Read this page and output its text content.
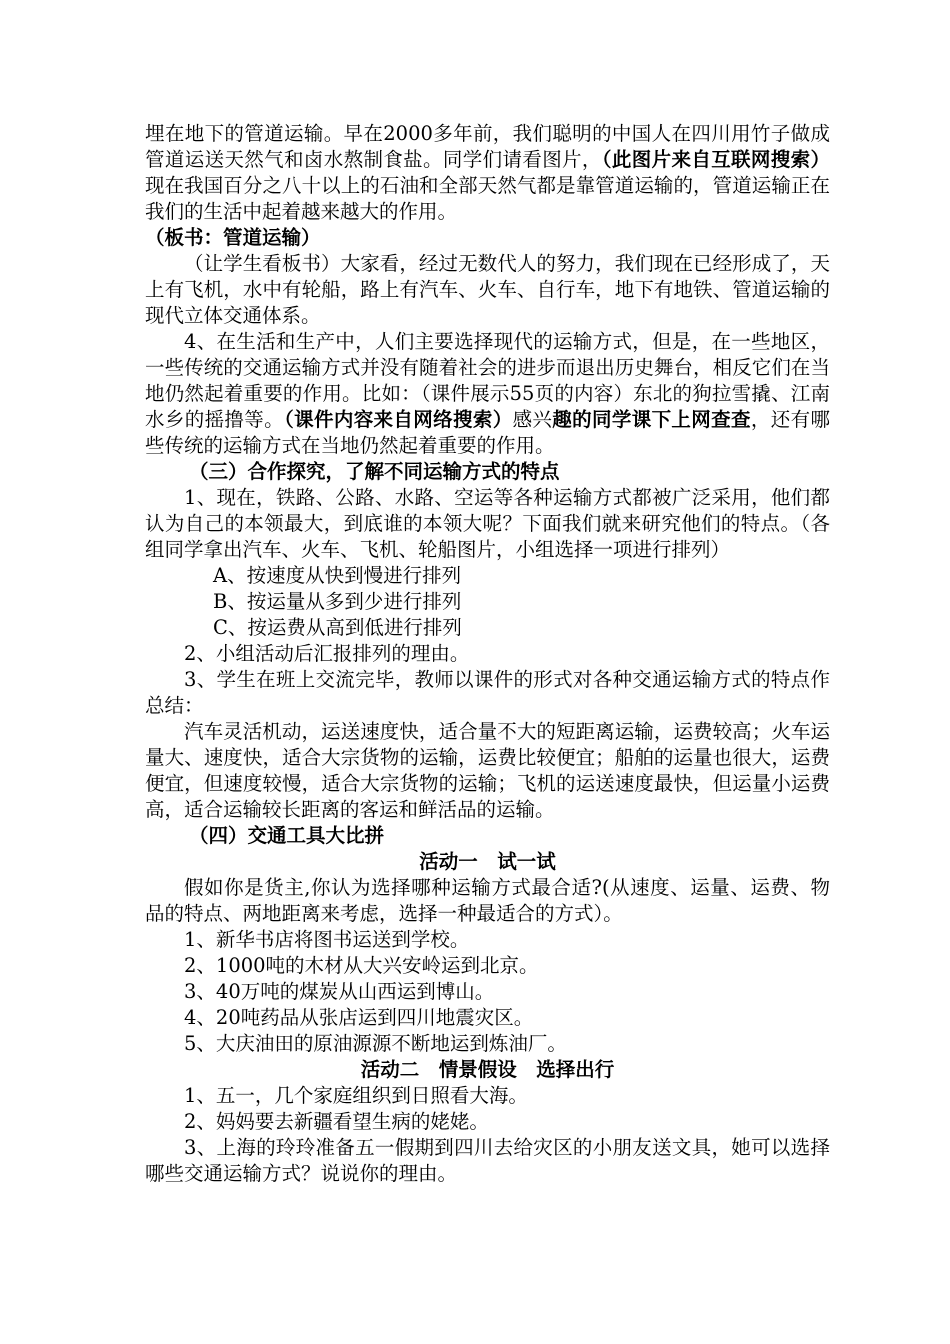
埋在地下的管道运输。早在2000多年前，我们聪明的中国人在四川用竹子做成管道运送天然气和卤水熬制食盐。同学们请看图片，（此图片来自互联网搜索）现在我国百分之八十以上的石油和全部天然气都是靠管道运输的，管道运输正在我们的生活中起着越来越大的作用。

（板书：管道运输）

（让学生看板书）大家看，经过无数代人的努力，我们现在已经形成了，天上有飞机，水中有轮船，路上有汽车、火车、自行车，地下有地铁、管道运输的现代立体交通体系。

4、在生活和生产中，人们主要选择现代的运输方式，但是，在一些地区，一些传统的交通运输方式并没有随着社会的进步而退出历史舞台，相反它们在当地仍然起着重要的作用。比如：（课件展示55页的内容）东北的狗拉雪撬、江南水乡的摇撸等。（课件内容来自网络搜索）感兴趣的同学课下上网查查，还有哪些传统的运输方式在当地仍然起着重要的作用。

（三）合作探究，了解不同运输方式的特点

1、现在，铁路、公路、水路、空运等各种运输方式都被广泛采用，他们都认为自己的本领最大，到底谁的本领大呢？下面我们就来研究他们的特点。（各组同学拿出汽车、火车、飞机、轮船图片，小组选择一项进行排列）

A、按速度从快到慢进行排列

B、按运量从多到少进行排列

C、按运费从高到低进行排列

2、小组活动后汇报排列的理由。

3、学生在班上交流完毕，教师以课件的形式对各种交通运输方式的特点作总结：

汽车灵活机动，运送速度快，适合量不大的短距离运输，运费较高；火车运量大、速度快，适合大宗货物的运输，运费比较便宜；船舶的运量也很大，运费便宜，但速度较慢，适合大宗货物的运输；飞机的运送速度最快，但运量小运费高，适合运输较长距离的客运和鲜活品的运输。

（四）交通工具大比拼

活动一　试一试

假如你是货主,你认为选择哪种运输方式最合适?(从速度、运量、运费、物品的特点、两地距离来考虑，选择一种最适合的方式）。

1、新华书店将图书运送到学校。

2、1000吨的木材从大兴安岭运到北京。

3、40万吨的煤炭从山西运到博山。

4、20吨药品从张店运到四川地震灾区。

5、大庆油田的原油源源不断地运到炼油厂。

活动二　情景假设　选择出行

1、五一，几个家庭组织到日照看大海。

2、妈妈要去新疆看望生病的姥姥。

3、上海的玲玲准备五一假期到四川去给灾区的小朋友送文具，她可以选择哪些交通运输方式？说说你的理由。
